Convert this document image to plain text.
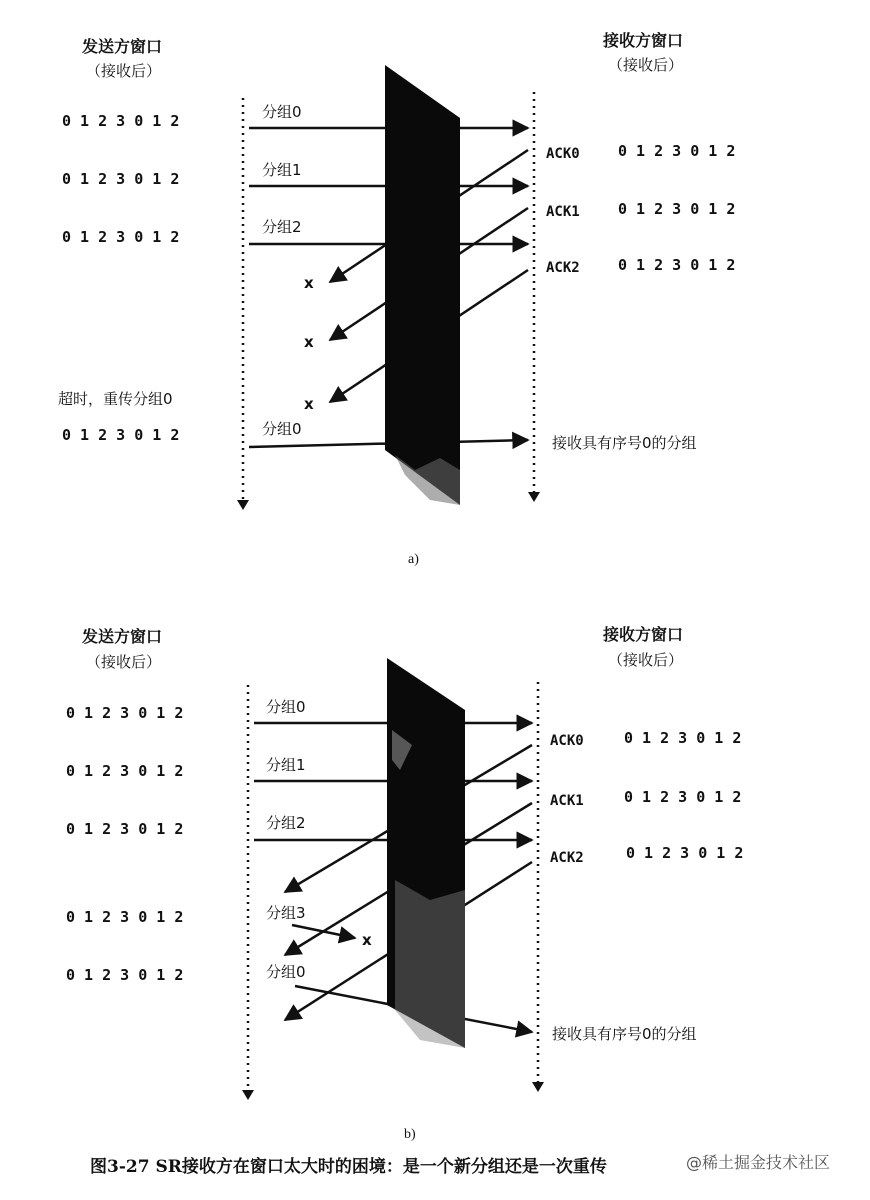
发送方窗口
（接收后）
接收方窗口
（接收后）
0 1 2 3 0 1 2
0 1 2 3 0 1 2
0 1 2 3 0 1 2
超时，重传分组0
0 1 2 3 0 1 2
分组0
分组1
分组2
分组0
x
x
x
ACK0
ACK1
ACK2
0 1 2 3 0 1 2
0 1 2 3 0 1 2
0 1 2 3 0 1 2
接收具有序号0的分组
a)
发送方窗口
（接收后）
接收方窗口
（接收后）
0 1 2 3 0 1 2
0 1 2 3 0 1 2
0 1 2 3 0 1 2
0 1 2 3 0 1 2
0 1 2 3 0 1 2
分组0
分组1
分组2
分组3
分组0
x
ACK0
ACK1
ACK2
0 1 2 3 0 1 2
0 1 2 3 0 1 2
0 1 2 3 0 1 2
接收具有序号0的分组
b)
图3-27 SR接收方在窗口太大时的困境：是一个新分组还是一次重传	@稀土掘金技术社区
